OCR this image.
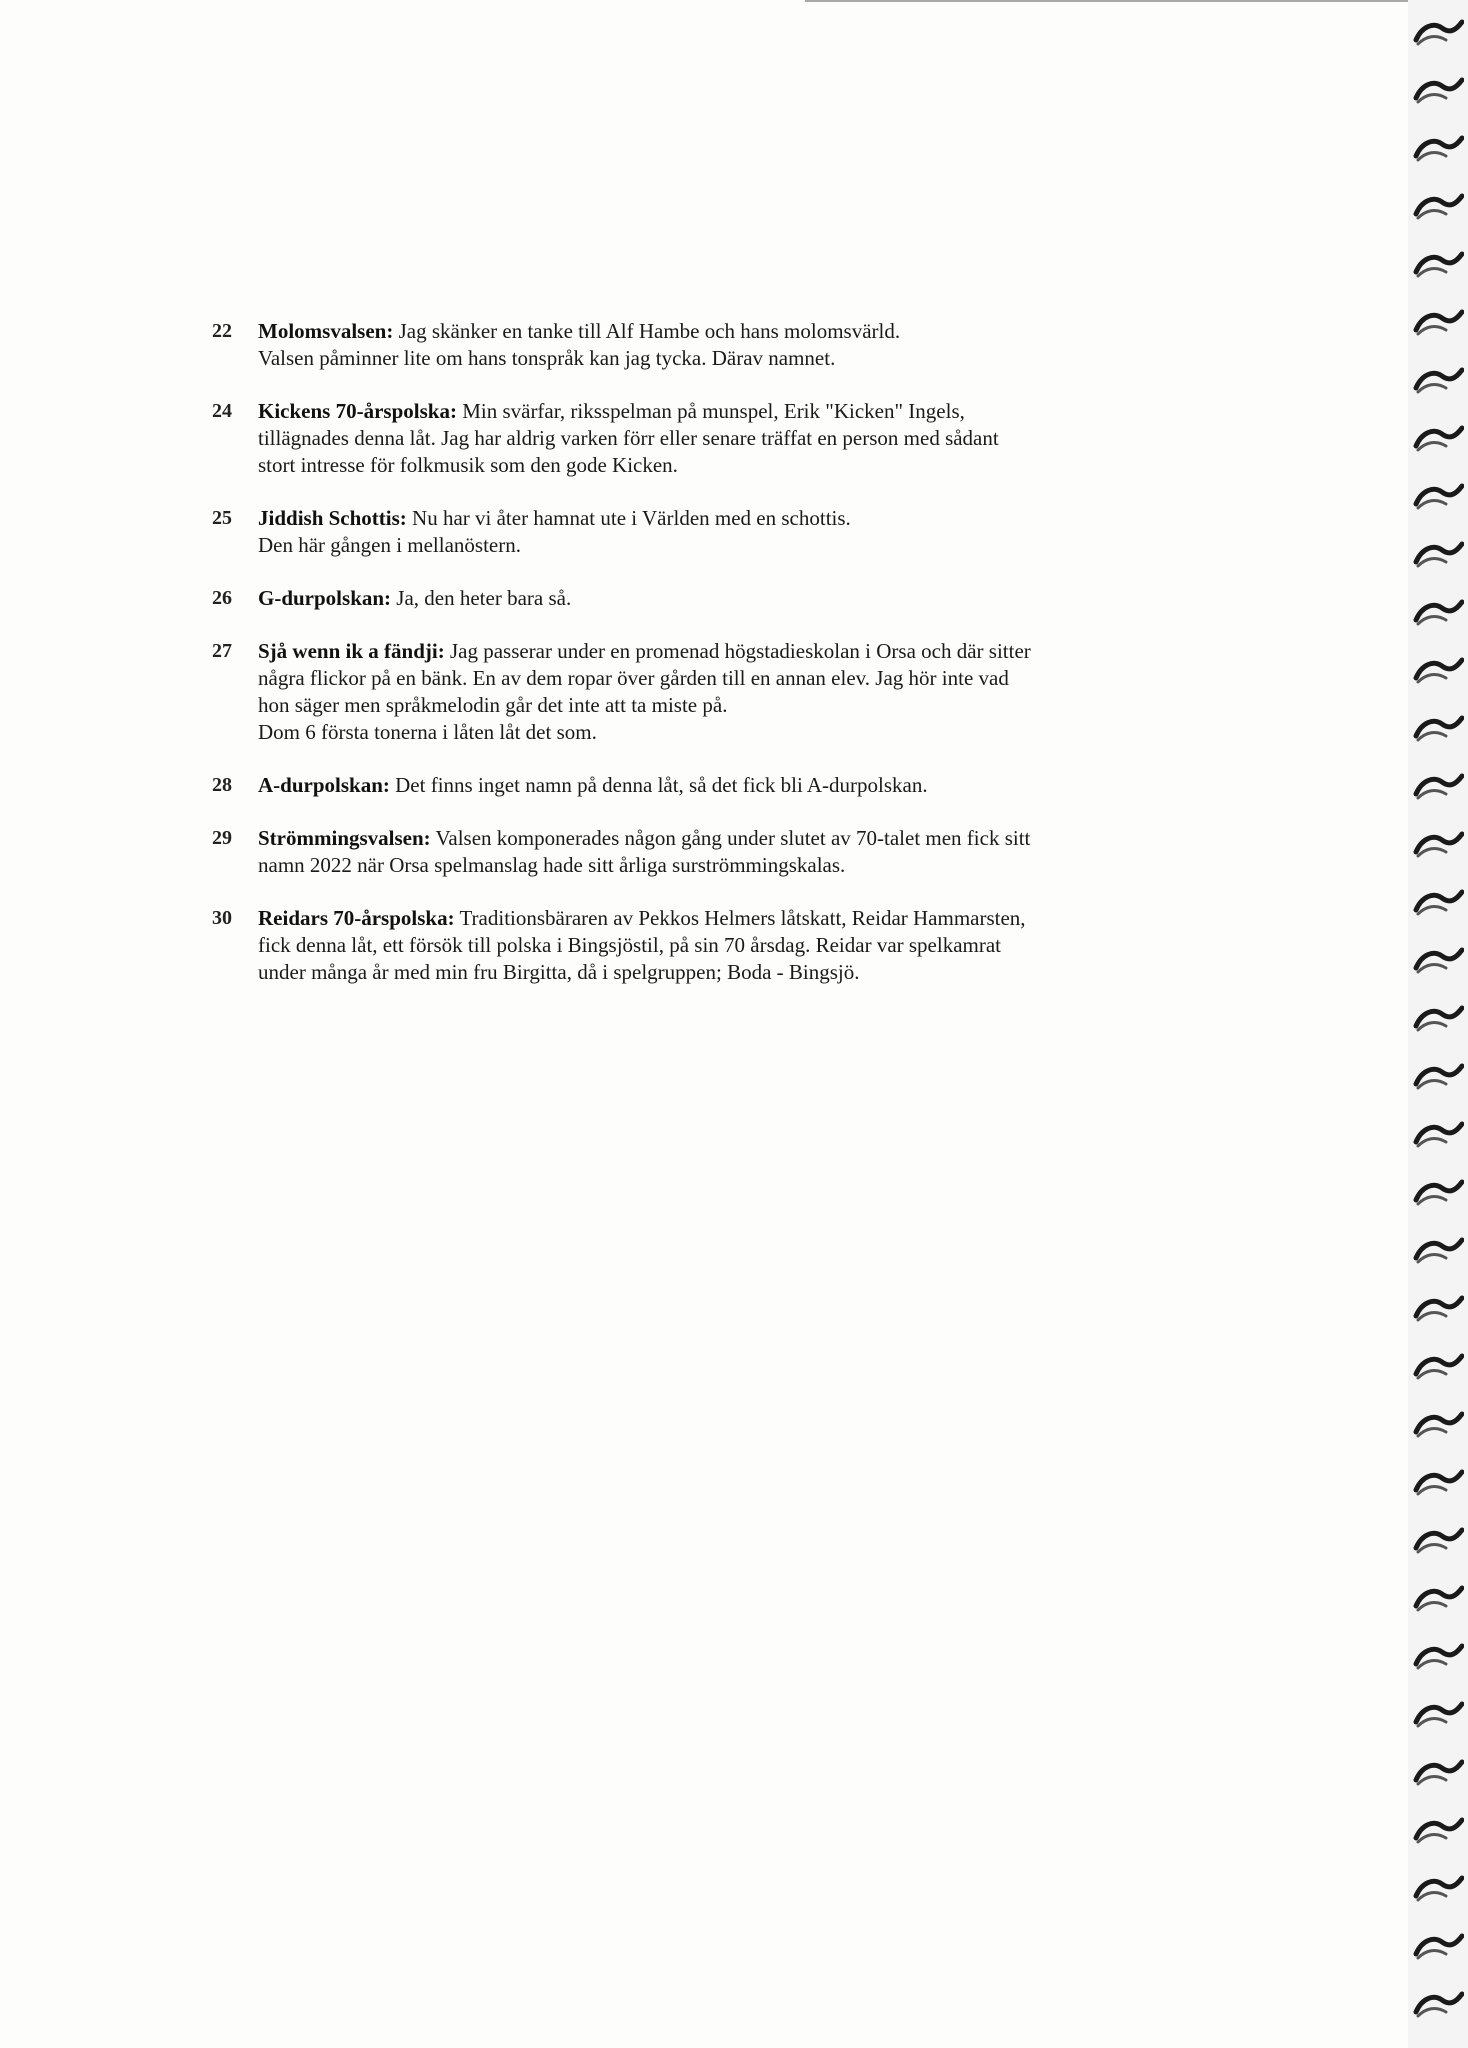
22	Molomsvalsen: Jag skänker en tanke till Alf Hambe och hans molomsvärld.
Valsen påminner lite om hans tonspråk kan jag tycka. Därav namnet.
24	Kickens 70-årspolska: Min svärfar, riksspelman på munspel, Erik "Kicken" Ingels,
tillägnades denna låt. Jag har aldrig varken förr eller senare träffat en person med sådant
stort intresse för folkmusik som den gode Kicken.
25	Jiddish Schottis: Nu har vi åter hamnat ute i Världen med en schottis.
Den här gången i mellanöstern.
26	G-durpolskan: Ja, den heter bara så.
27	Sjå wenn ik a fändji: Jag passerar under en promenad högstadieskolan i Orsa och där sitter
några flickor på en bänk. En av dem ropar över gården till en annan elev. Jag hör inte vad
hon säger men språkmelodin går det inte att ta miste på.
Dom 6 första tonerna i låten låt det som.
28	A-durpolskan: Det finns inget namn på denna låt, så det fick bli A-durpolskan.
29	Strömmingsvalsen: Valsen komponerades någon gång under slutet av 70-talet men fick sitt
namn 2022 när Orsa spelmanslag hade sitt årliga surströmmingskalas.
30	Reidars 70-årspolska: Traditionsbäraren av Pekkos Helmers låtskatt, Reidar Hammarsten,
fick denna låt, ett försök till polska i Bingsjöstil, på sin 70 årsdag. Reidar var spelkamrat
under många år med min fru Birgitta, då i spelgruppen; Boda - Bingsjö.
